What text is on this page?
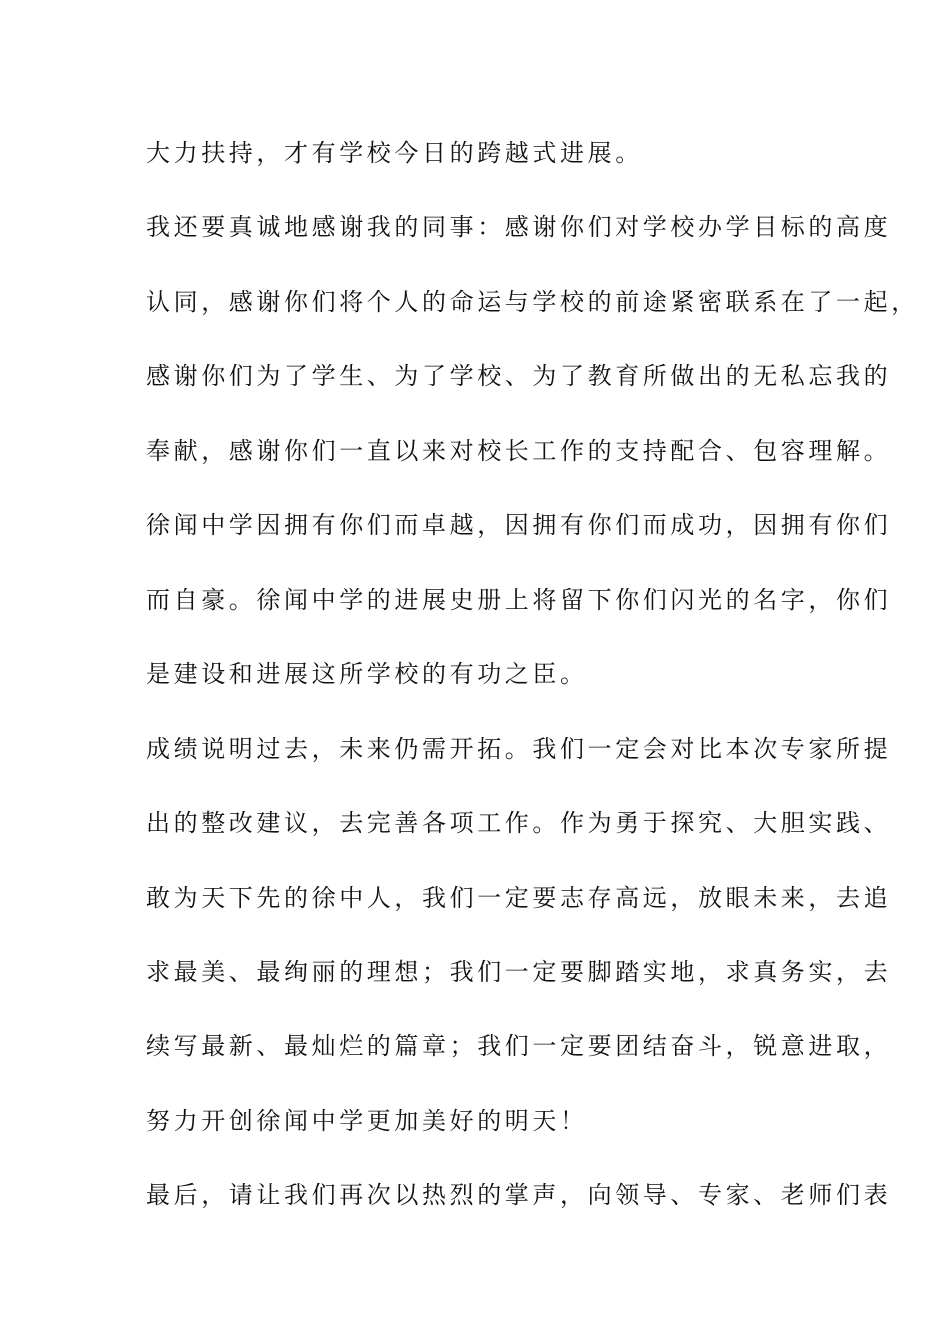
大力扶持，才有学校今日的跨越式进展。
我还要真诚地感谢我的同事：感谢你们对学校办学目标的高度
认同，感谢你们将个人的命运与学校的前途紧密联系在了一起，
感谢你们为了学生、为了学校、为了教育所做出的无私忘我的
奉献，感谢你们一直以来对校长工作的支持配合、包容理解。
徐闻中学因拥有你们而卓越，因拥有你们而成功，因拥有你们
而自豪。徐闻中学的进展史册上将留下你们闪光的名字，你们
是建设和进展这所学校的有功之臣。
成绩说明过去，未来仍需开拓。我们一定会对比本次专家所提
出的整改建议，去完善各项工作。作为勇于探究、大胆实践、
敢为天下先的徐中人，我们一定要志存高远，放眼未来，去追
求最美、最绚丽的理想；我们一定要脚踏实地，求真务实，去
续写最新、最灿烂的篇章；我们一定要团结奋斗，锐意进取，
努力开创徐闻中学更加美好的明天！
最后，请让我们再次以热烈的掌声，向领导、专家、老师们表
